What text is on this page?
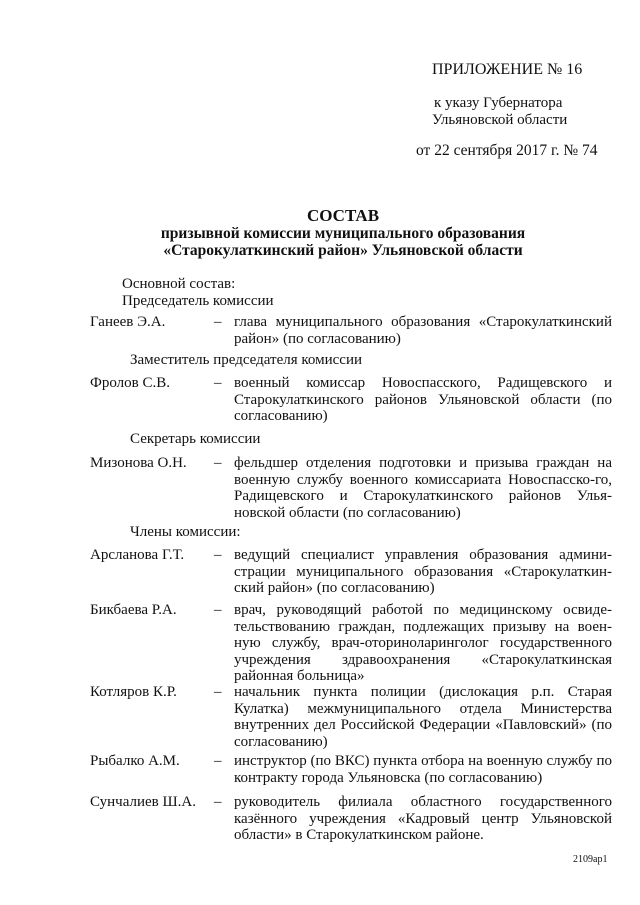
ПРИЛОЖЕНИЕ № 16
к указу Губернатора
Ульяновской области
от 22 сентября 2017 г. № 74
СОСТАВ
призывной комиссии муниципального образования
«Старокулаткинский район» Ульяновской области
Основной состав:
Председатель комиссии
Ганеев Э.А.	– глава муниципального образования «Старокулаткинский район» (по согласованию)
Заместитель председателя комиссии
Фролов С.В.	– военный комиссар Новоспасского, Радищевского и Старокулаткинского районов Ульяновской области (по согласованию)
Секретарь комиссии
Мизонова О.Н. – фельдшер отделения подготовки и призыва граждан на военную службу военного комиссариата Новоспасско-го, Радищевского и Старокулаткинского районов Улья-новской области (по согласованию)
Члены комиссии:
Арсланова Г.Т. – ведущий специалист управления образования админи-страции муниципального образования «Старокулаткин-ский район» (по согласованию)
Бикбаева Р.А. – врач, руководящий работой по медицинскому освиде-тельствованию граждан, подлежащих призыву на воен-ную службу, врач-оториноларинголог государственного учреждения здравоохранения «Старокулаткинская районная больница»
Котляров К.Р. – начальник пункта полиции (дислокация р.п. Старая Кулатка) межмуниципального отдела Министерства внутренних дел Российской Федерации «Павловский» (по согласованию)
Рыбалко А.М. – инструктор (по ВКС) пункта отбора на военную службу по контракту города Ульяновска (по согласованию)
Сунчалиев Ш.А. – руководитель филиала областного государственного казённого учреждения «Кадровый центр Ульяновской области» в Старокулаткинском районе.
2109ap1
